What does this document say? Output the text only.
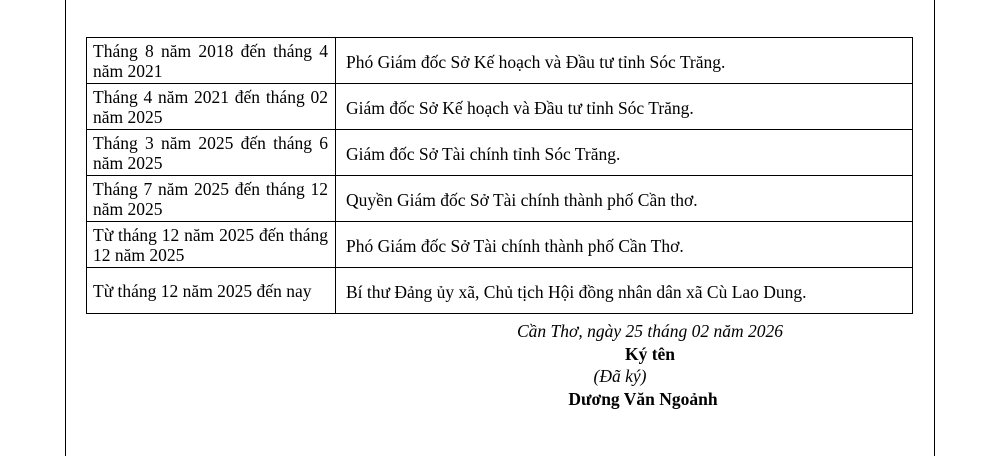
Tháng 8 năm 2018 đến tháng 4 năm 2021	Phó Giám đốc Sở Kế hoạch và Đầu tư tỉnh Sóc Trăng.
Tháng 4 năm 2021 đến tháng 02 năm 2025	Giám đốc Sở Kế hoạch và Đầu tư tỉnh Sóc Trăng.
Tháng 3 năm 2025 đến tháng 6 năm 2025	Giám đốc Sở Tài chính tỉnh Sóc Trăng.
Tháng 7 năm 2025 đến tháng 12 năm 2025	Quyền Giám đốc Sở Tài chính thành phố Cần thơ.
Từ tháng 12 năm 2025 đến tháng 12 năm 2025	Phó Giám đốc Sở Tài chính thành phố Cần Thơ.
Từ tháng 12 năm 2025 đến nay	Bí thư Đảng ủy xã, Chủ tịch Hội đồng nhân dân xã Cù Lao Dung.
Cần Thơ, ngày 25 tháng 02 năm 2026
Ký tên
(Đã ký)
Dương Văn Ngoảnh
